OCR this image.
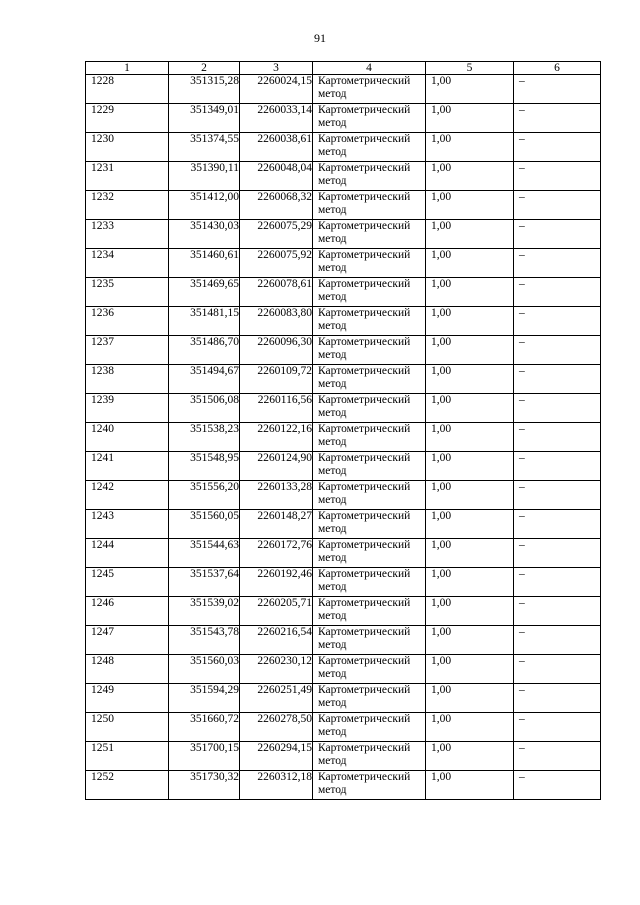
91
1	2	3	4	5	6
1228	351315,28	2260024,15	Картометрический метод	1,00	–
1229	351349,01	2260033,14	Картометрический метод	1,00	–
1230	351374,55	2260038,61	Картометрический метод	1,00	–
1231	351390,11	2260048,04	Картометрический метод	1,00	–
1232	351412,00	2260068,32	Картометрический метод	1,00	–
1233	351430,03	2260075,29	Картометрический метод	1,00	–
1234	351460,61	2260075,92	Картометрический метод	1,00	–
1235	351469,65	2260078,61	Картометрический метод	1,00	–
1236	351481,15	2260083,80	Картометрический метод	1,00	–
1237	351486,70	2260096,30	Картометрический метод	1,00	–
1238	351494,67	2260109,72	Картометрический метод	1,00	–
1239	351506,08	2260116,56	Картометрический метод	1,00	–
1240	351538,23	2260122,16	Картометрический метод	1,00	–
1241	351548,95	2260124,90	Картометрический метод	1,00	–
1242	351556,20	2260133,28	Картометрический метод	1,00	–
1243	351560,05	2260148,27	Картометрический метод	1,00	–
1244	351544,63	2260172,76	Картометрический метод	1,00	–
1245	351537,64	2260192,46	Картометрический метод	1,00	–
1246	351539,02	2260205,71	Картометрический метод	1,00	–
1247	351543,78	2260216,54	Картометрический метод	1,00	–
1248	351560,03	2260230,12	Картометрический метод	1,00	–
1249	351594,29	2260251,49	Картометрический метод	1,00	–
1250	351660,72	2260278,50	Картометрический метод	1,00	–
1251	351700,15	2260294,15	Картометрический метод	1,00	–
1252	351730,32	2260312,18	Картометрический метод	1,00	–
